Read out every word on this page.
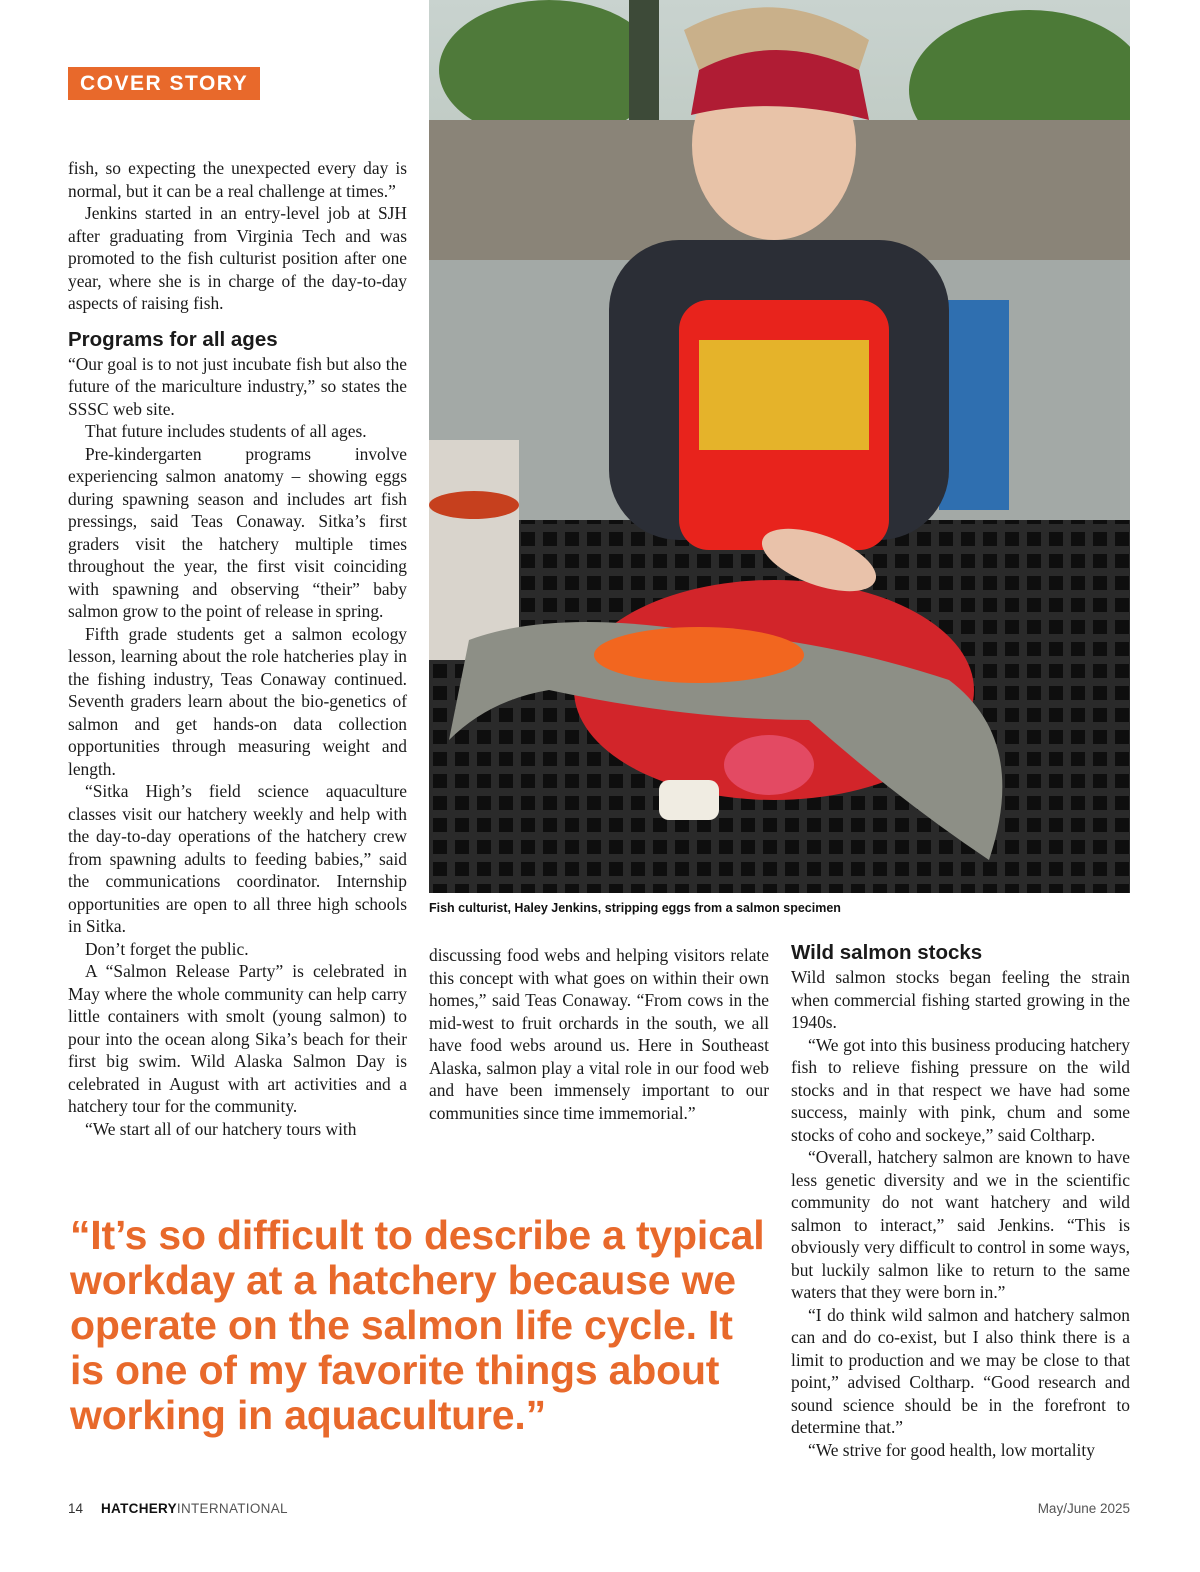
COVER STORY

fish, so expecting the unexpected every day is normal, but it can be a real challenge at times.”

Jenkins started in an entry-level job at SJH after graduating from Virginia Tech and was promoted to the fish culturist position after one year, where she is in charge of the day-to-day aspects of raising fish.

Programs for all ages

“Our goal is to not just incubate fish but also the future of the mariculture industry,” so states the SSSC web site.

That future includes students of all ages.

Pre-kindergarten programs involve experiencing salmon anatomy – showing eggs during spawning season and includes art fish pressings, said Teas Conaway. Sitka’s first graders visit the hatchery multiple times throughout the year, the first visit coinciding with spawning and observing “their” baby salmon grow to the point of release in spring.

Fifth grade students get a salmon ecology lesson, learning about the role hatcheries play in the fishing industry, Teas Conaway continued. Seventh graders learn about the bio-genetics of salmon and get hands-on data collection opportunities through measuring weight and length.

“Sitka High’s field science aquaculture classes visit our hatchery weekly and help with the day-to-day operations of the hatchery crew from spawning adults to feeding babies,” said the communications coordinator. Internship opportunities are open to all three high schools in Sitka.

Don’t forget the public.

A “Salmon Release Party” is celebrated in May where the whole community can help carry little containers with smolt (young salmon) to pour into the ocean along Sika’s beach for their first big swim. Wild Alaska Salmon Day is celebrated in August with art activities and a hatchery tour for the community.

“We start all of our hatchery tours with

Fish culturist, Haley Jenkins, stripping eggs from a salmon specimen

discussing food webs and helping visitors relate this concept with what goes on within their own homes,” said Teas Conaway. “From cows in the mid-west to fruit orchards in the south, we all have food webs around us. Here in Southeast Alaska, salmon play a vital role in our food web and have been immensely important to our communities since time immemorial.”

Wild salmon stocks

Wild salmon stocks began feeling the strain when commercial fishing started growing in the 1940s.

“We got into this business producing hatchery fish to relieve fishing pressure on the wild stocks and in that respect we have had some success, mainly with pink, chum and some stocks of coho and sockeye,” said Coltharp.

“Overall, hatchery salmon are known to have less genetic diversity and we in the scientific community do not want hatchery and wild salmon to interact,” said Jenkins. “This is obviously very difficult to control in some ways, but luckily salmon like to return to the same waters that they were born in.”

“I do think wild salmon and hatchery salmon can and do co-exist, but I also think there is a limit to production and we may be close to that point,” advised Coltharp. “Good research and sound science should be in the forefront to determine that.”

“We strive for good health, low mortality

“It’s so difficult to describe a typical workday at a hatchery because we operate on the salmon life cycle. It is one of my favorite things about working in aquaculture.”
14 HATCHERYINTERNATIONAL	May/June 2025
